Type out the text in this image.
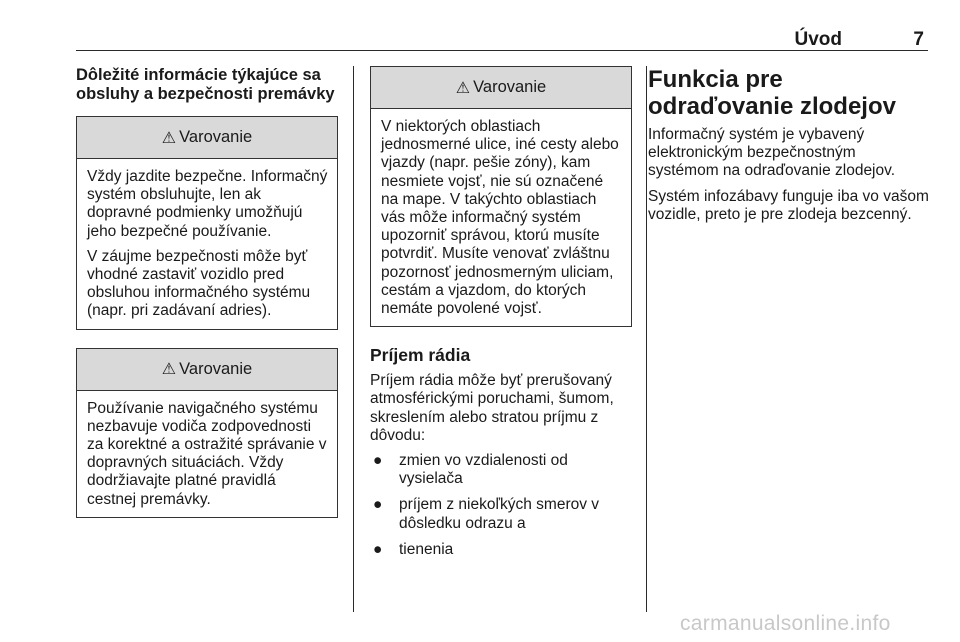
Úvod	7
Dôležité informácie týkajúce sa obsluhy a bezpečnosti premávky
⚠ Varovanie

Vždy jazdite bezpečne. Informačný systém obsluhujte, len ak dopravné podmienky umožňujú jeho bezpečné používanie.

V záujme bezpečnosti môže byť vhodné zastaviť vozidlo pred obsluhou informačného systému (napr. pri zadávaní adries).

⚠ Varovanie

Používanie navigačného systému nezbavuje vodiča zodpovednosti za korektné a ostražité správanie v dopravných situáciách. Vždy dodržiavajte platné pravidlá cestnej premávky.

⚠ Varovanie

V niektorých oblastiach jednosmerné ulice, iné cesty alebo vjazdy (napr. pešie zóny), kam nesmiete vojsť, nie sú označené na mape. V takýchto oblastiach vás môže informačný systém upozorniť správou, ktorú musíte potvrdiť. Musíte venovať zvláštnu pozornosť jednosmerným uliciam, cestám a vjazdom, do ktorých nemáte povolené vojsť.

Príjem rádia

Príjem rádia môže byť prerušovaný atmosférickými poruchami, šumom, skreslením alebo stratou príjmu z dôvodu:

● zmien vo vzdialenosti od vysielača
● príjem z niekoľkých smerov v dôsledku odrazu a
● tienenia
Funkcia pre odraďovanie zlodejov

Informačný systém je vybavený elektronickým bezpečnostným systémom na odraďovanie zlodejov.

Systém infozábavy funguje iba vo vašom vozidle, preto je pre zlodeja bezcenný.

carmanualsonline.info
